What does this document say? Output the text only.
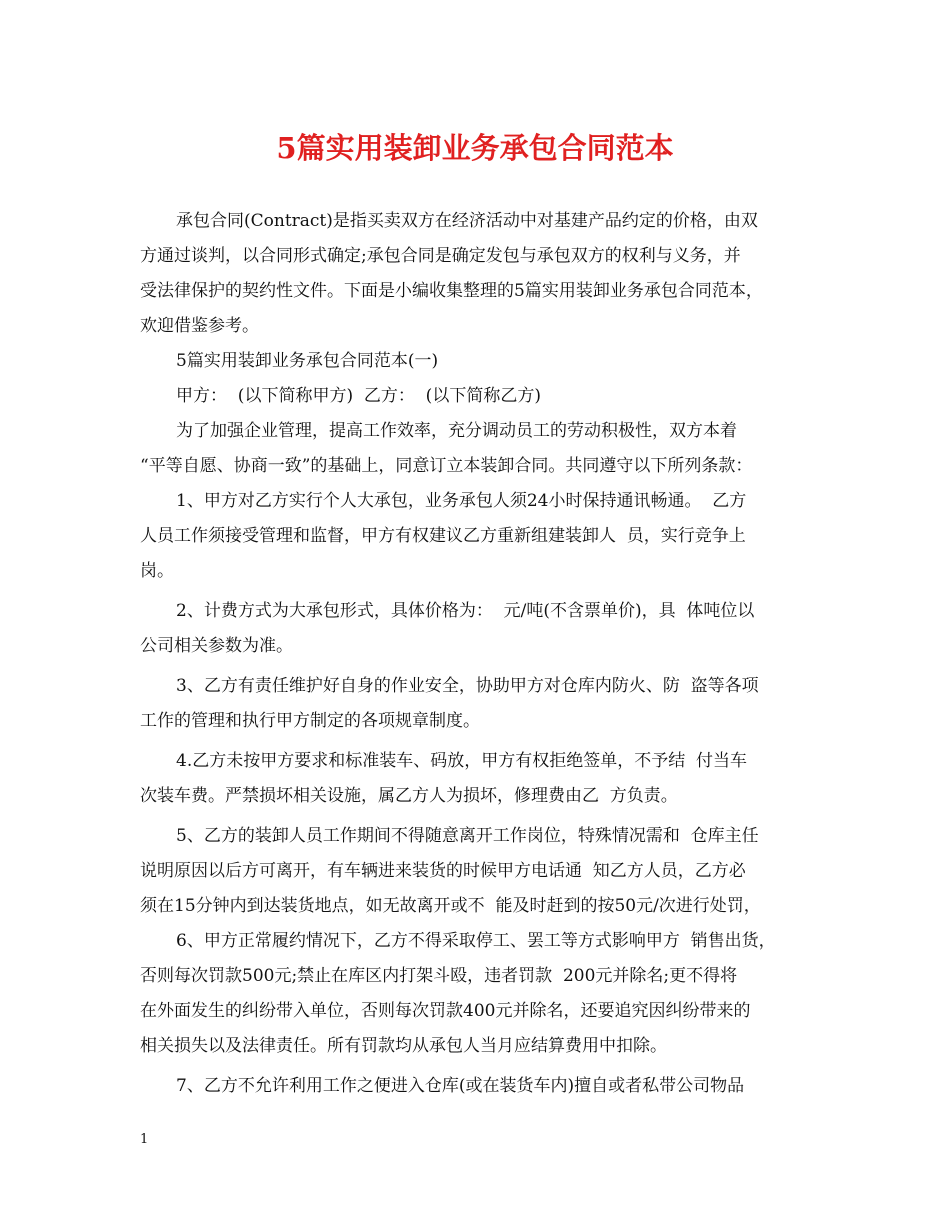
5篇实用装卸业务承包合同范本
承包合同(Contract)是指买卖双方在经济活动中对基建产品约定的价格，由双
方通过谈判，以合同形式确定;承包合同是确定发包与承包双方的权利与义务，并
受法律保护的契约性文件。下面是小编收集整理的5篇实用装卸业务承包合同范本，
欢迎借鉴参考。
5篇实用装卸业务承包合同范本(一)
甲方：  (以下简称甲方)  乙方：  (以下简称乙方)
为了加强企业管理，提高工作效率，充分调动员工的劳动积极性，双方本着
“平等自愿、协商一致”的基础上，同意订立本装卸合同。共同遵守以下所列条款：
1、甲方对乙方实行个人大承包，业务承包人须24小时保持通讯畅通。  乙方
人员工作须接受管理和监督，甲方有权建议乙方重新组建装卸人  员，实行竞争上
岗。
2、计费方式为大承包形式，具体价格为：  元/吨(不含票单价)，具  体吨位以
公司相关参数为准。
3、乙方有责任维护好自身的作业安全，协助甲方对仓库内防火、防  盗等各项
工作的管理和执行甲方制定的各项规章制度。
4.乙方未按甲方要求和标准装车、码放，甲方有权拒绝签单，不予结  付当车
次装车费。严禁损坏相关设施，属乙方人为损坏，修理费由乙  方负责。
5、乙方的装卸人员工作期间不得随意离开工作岗位，特殊情况需和  仓库主任
说明原因以后方可离开，有车辆进来装货的时候甲方电话通  知乙方人员，乙方必
须在15分钟内到达装货地点，如无故离开或不  能及时赶到的按50元/次进行处罚，
6、甲方正常履约情况下，乙方不得采取停工、罢工等方式影响甲方  销售出货，
否则每次罚款500元;禁止在库区内打架斗殴，违者罚款  200元并除名;更不得将
在外面发生的纠纷带入单位，否则每次罚款400元并除名，还要追究因纠纷带来的
相关损失以及法律责任。所有罚款均从承包人当月应结算费用中扣除。
7、乙方不允许利用工作之便进入仓库(或在装货车内)擅自或者私带公司物品
1
